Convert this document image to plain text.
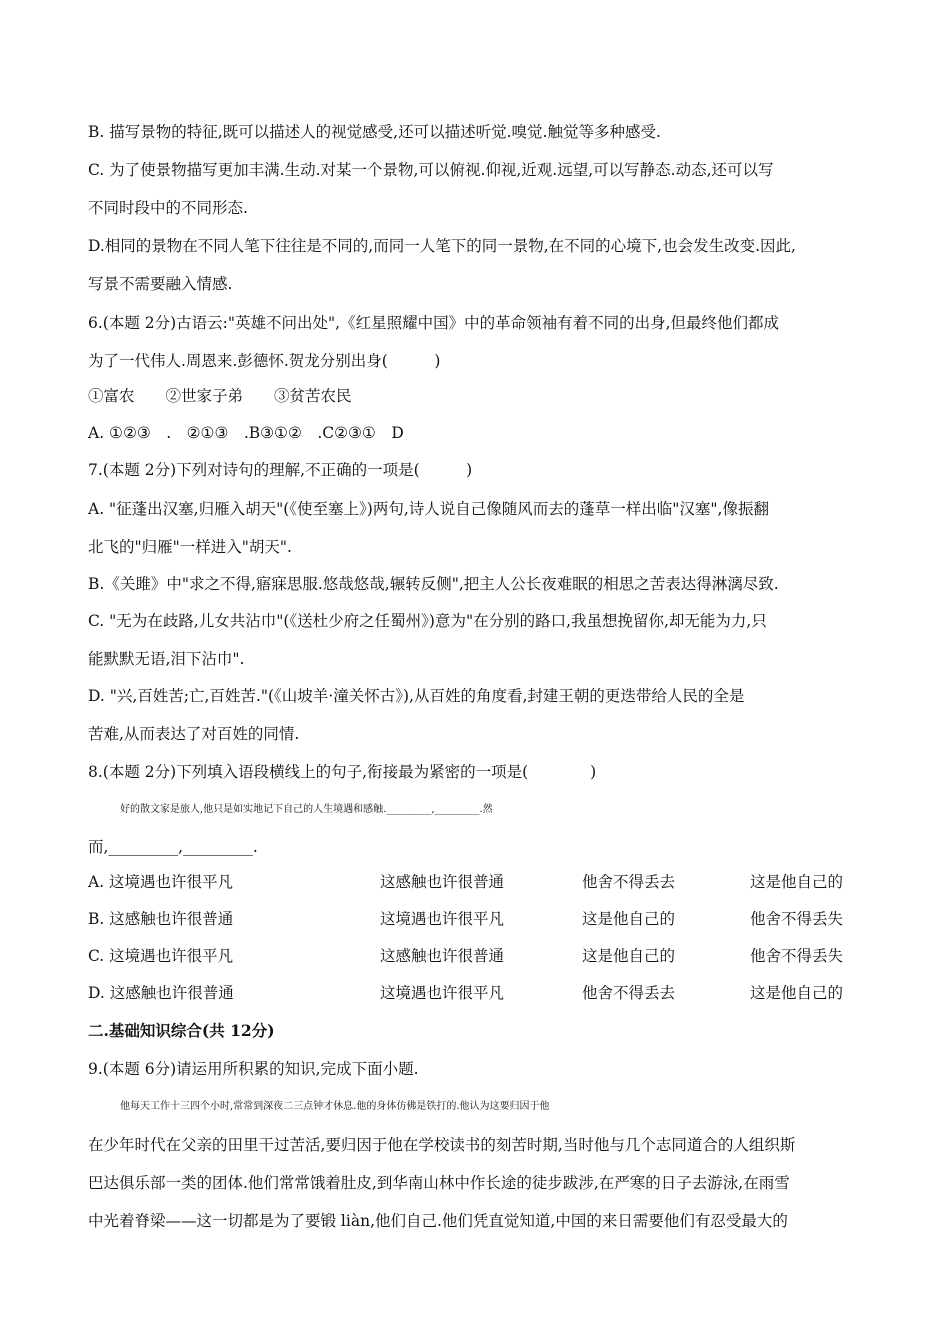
B. 描写景物的特征,既可以描述人的视觉感受,还可以描述听觉.嗅觉.触觉等多种感受.
C. 为了使景物描写更加丰满.生动.对某一个景物,可以俯视.仰视,近观.远望,可以写静态.动态,还可以写
不同时段中的不同形态.
D.相同的景物在不同人笔下往往是不同的,而同一人笔下的同一景物,在不同的心境下,也会发生改变.因此,
写景不需要融入情感.
6.(本题 2分)古语云:"英雄不问出处",《红星照耀中国》中的革命领袖有着不同的出身,但最终他们都成
为了一代伟人.周恩来.彭德怀.贺龙分别出身(　　　)
①富农　　②世家子弟　　③贫苦农民
A. ①②③　.　②①③　.B③①②　.C②③①　D
7.(本题 2分)下列对诗句的理解,不正确的一项是(　　　)
A. "征蓬出汉塞,归雁入胡天"(《使至塞上》)两句,诗人说自己像随风而去的蓬草一样出临"汉塞",像振翻
北飞的"归雁"一样进入"胡天".
B.《关雎》中"求之不得,寤寐思服.悠哉悠哉,辗转反侧",把主人公长夜难眠的相思之苦表达得淋漓尽致.
C. "无为在歧路,儿女共沾巾"(《送杜少府之任蜀州》)意为"在分别的路口,我虽想挽留你,却无能为力,只
能默默无语,泪下沾巾".
D. "兴,百姓苦;亡,百姓苦."(《山坡羊·潼关怀古》),从百姓的角度看,封建王朝的更迭带给人民的全是
苦难,从而表达了对百姓的同情.
8.(本题 2分)下列填入语段横线上的句子,衔接最为紧密的一项是(　　　　)
好的散文家是旅人,他只是如实地记下自己的人生境遇和感触._________,_________.然
而,_________,_________.
A. 这境遇也许很平凡	这感触也许很普通	他舍不得丢去	这是他自己的
B. 这感触也许很普通	这境遇也许很平凡	这是他自己的	他舍不得丢失
C. 这境遇也许很平凡	这感触也许很普通	这是他自己的	他舍不得丢失
D. 这感触也许很普通	这境遇也许很平凡	他舍不得丢去	这是他自己的
二.基础知识综合(共 12分)
9.(本题 6分)请运用所积累的知识,完成下面小题.
他每天工作十三四个小时,常常到深夜二三点钟才休息.他的身体仿佛是铁打的.他认为这要归因于他
在少年时代在父亲的田里干过苦活,要归因于他在学校读书的刻苦时期,当时他与几个志同道合的人组织斯
巴达俱乐部一类的团体.他们常常饿着肚皮,到华南山林中作长途的徒步跋涉,在严寒的日子去游泳,在雨雪
中光着脊梁——这一切都是为了要锻 liàn,他们自己.他们凭直觉知道,中国的来日需要他们有忍受最大的
